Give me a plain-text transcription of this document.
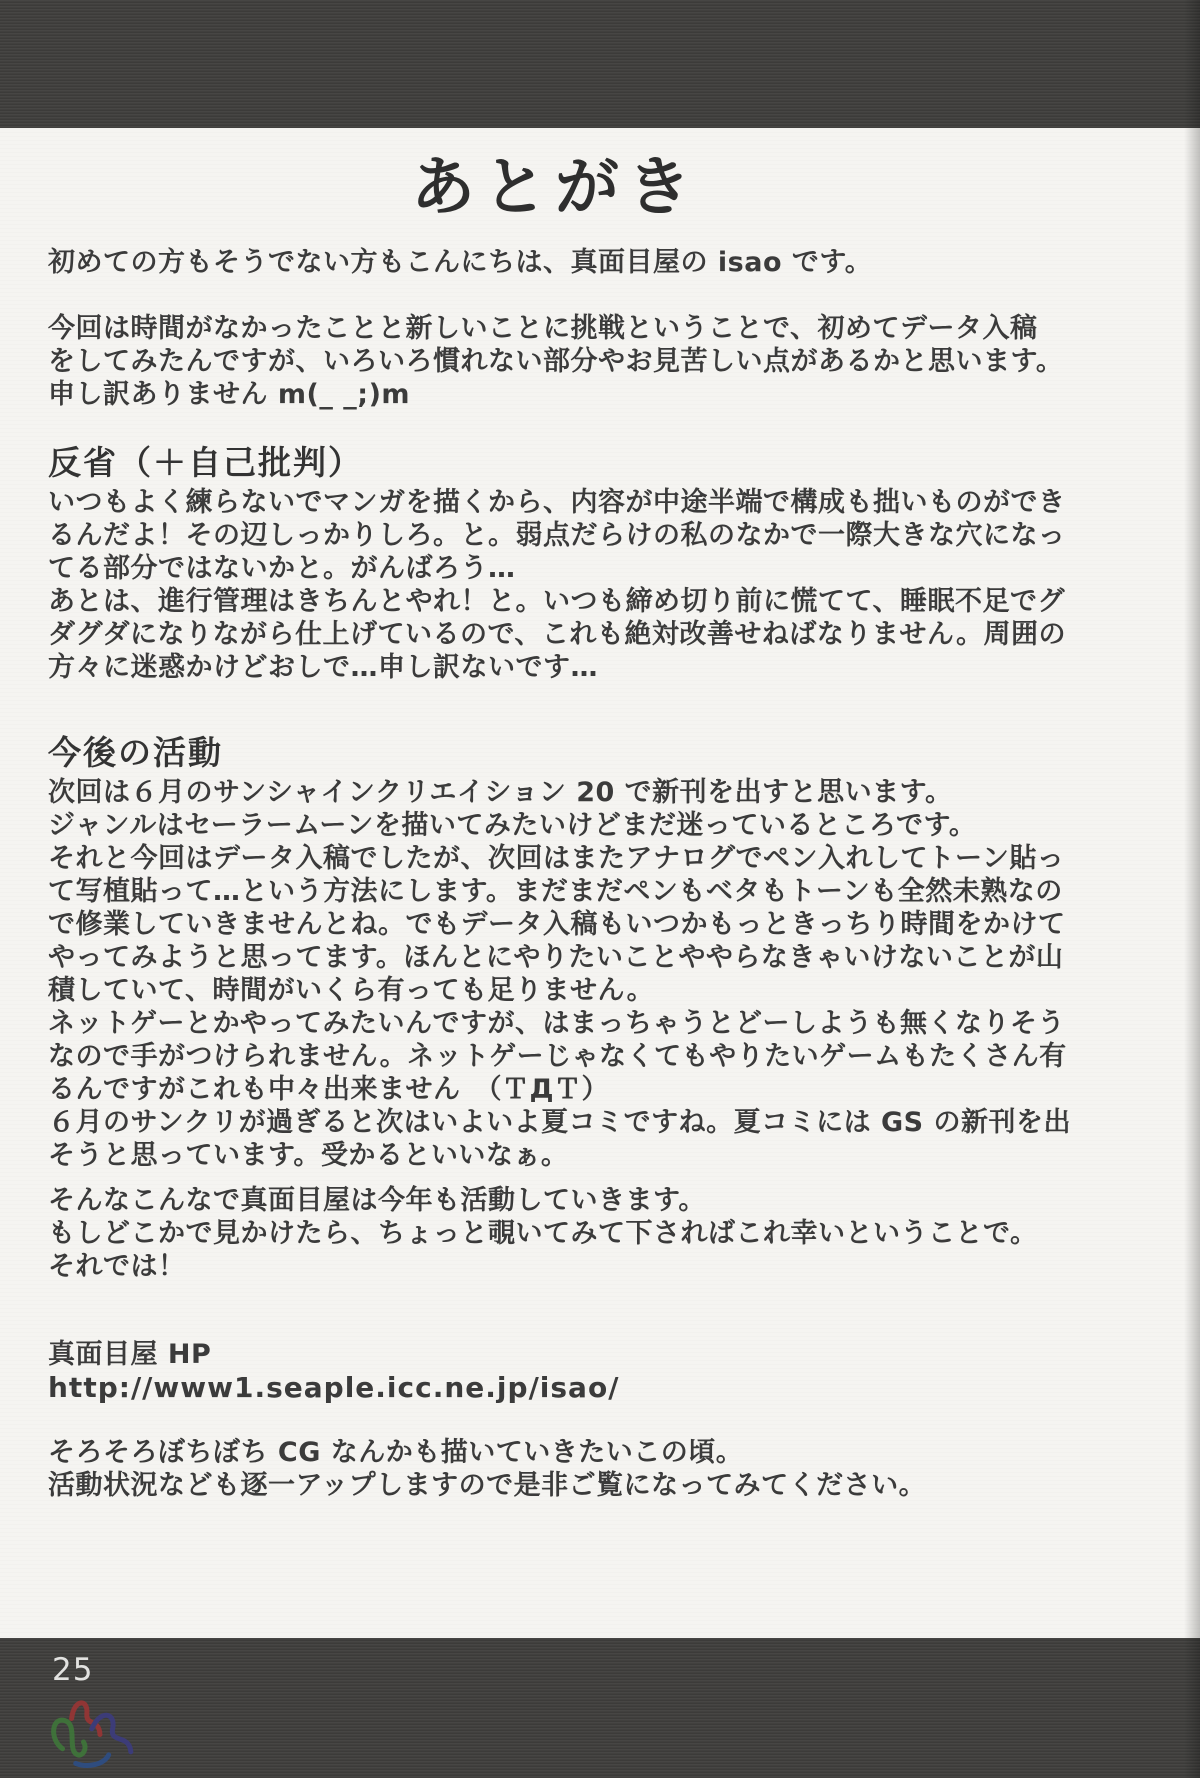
あとがき
初めての方もそうでない方もこんにちは、真面目屋の isao です。
今回は時間がなかったことと新しいことに挑戦ということで、初めてデータ入稿
をしてみたんですが、いろいろ慣れない部分やお見苦しい点があるかと思います。
申し訳ありません m(_ _;)m
反省（＋自己批判）
いつもよく練らないでマンガを描くから、内容が中途半端で構成も拙いものができ
るんだよ！その辺しっかりしろ。と。弱点だらけの私のなかで一際大きな穴になっ
てる部分ではないかと。がんばろう…
あとは、進行管理はきちんとやれ！と。いつも締め切り前に慌てて、睡眠不足でグ
ダグダになりながら仕上げているので、これも絶対改善せねばなりません。周囲の
方々に迷惑かけどおしで…申し訳ないです…
今後の活動
次回は６月のサンシャインクリエイション 20 で新刊を出すと思います。
ジャンルはセーラームーンを描いてみたいけどまだ迷っているところです。
それと今回はデータ入稿でしたが、次回はまたアナログでペン入れしてトーン貼っ
て写植貼って…という方法にします。まだまだペンもベタもトーンも全然未熟なの
で修業していきませんとね。でもデータ入稿もいつかもっときっちり時間をかけて
やってみようと思ってます。ほんとにやりたいことややらなきゃいけないことが山
積していて、時間がいくら有っても足りません。
ネットゲーとかやってみたいんですが、はまっちゃうとどーしようも無くなりそう
なので手がつけられません。ネットゲーじゃなくてもやりたいゲームもたくさん有
るんですがこれも中々出来ません　（ＴДＴ）
６月のサンクリが過ぎると次はいよいよ夏コミですね。夏コミには GS の新刊を出
そうと思っています。受かるといいなぁ。
そんなこんなで真面目屋は今年も活動していきます。
もしどこかで見かけたら、ちょっと覗いてみて下さればこれ幸いということで。
それでは！
真面目屋 HP
http://www1.seaple.icc.ne.jp/isao/
そろそろぼちぼち CG なんかも描いていきたいこの頃。
活動状況なども逐一アップしますので是非ご覧になってみてください。
25
